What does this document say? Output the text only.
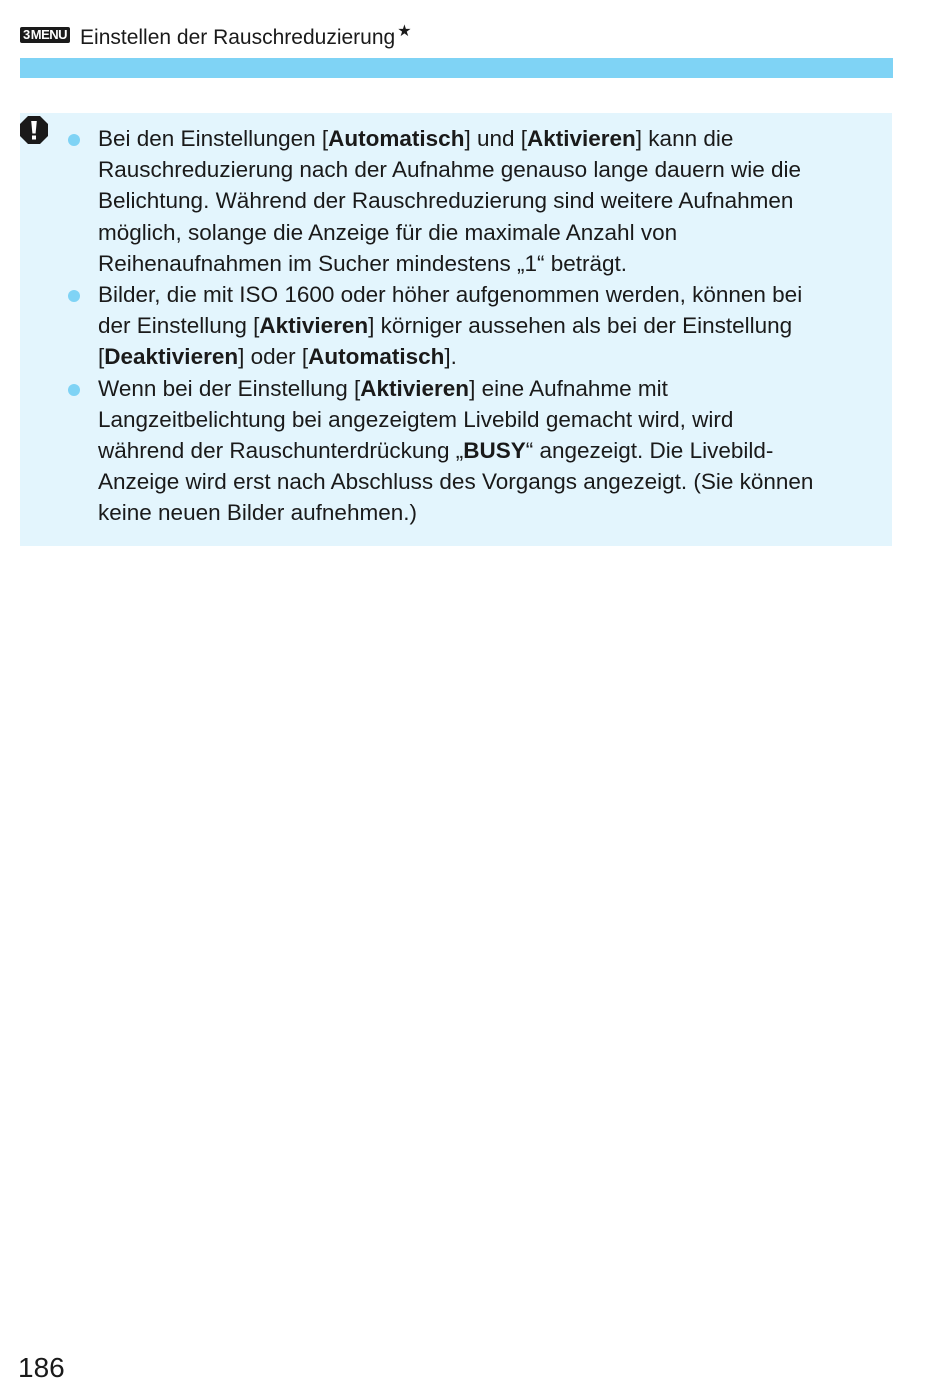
3MENU Einstellen der Rauschreduzierung ★
Bei den Einstellungen [Automatisch] und [Aktivieren] kann die
Rauschreduzierung nach der Aufnahme genauso lange dauern wie die
Belichtung. Während der Rauschreduzierung sind weitere Aufnahmen
möglich, solange die Anzeige für die maximale Anzahl von
Reihenaufnahmen im Sucher mindestens „1“ beträgt.
Bilder, die mit ISO 1600 oder höher aufgenommen werden, können bei
der Einstellung [Aktivieren] körniger aussehen als bei der Einstellung
[Deaktivieren] oder [Automatisch].
Wenn bei der Einstellung [Aktivieren] eine Aufnahme mit
Langzeitbelichtung bei angezeigtem Livebild gemacht wird, wird
während der Rauschunterdrückung „BUSY“ angezeigt. Die Livebild-
Anzeige wird erst nach Abschluss des Vorgangs angezeigt. (Sie können
keine neuen Bilder aufnehmen.)
186
